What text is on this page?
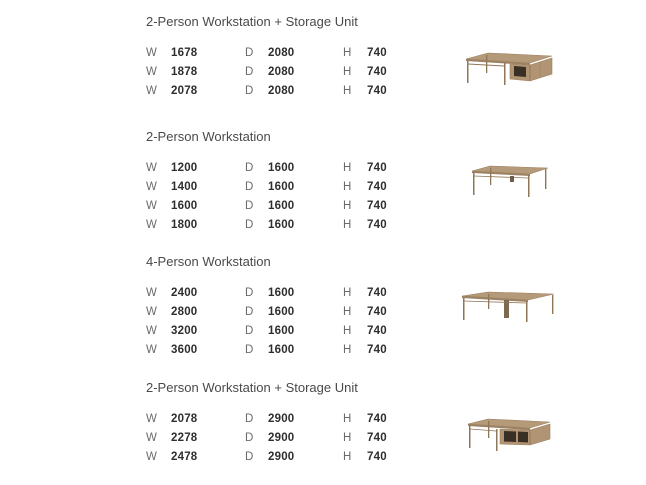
2-Person Workstation + Storage Unit
W 1678	D 2080	H 740
W 1878	D 2080	H 740
W 2078	D 2080	H 740
2-Person Workstation
W 1200	D 1600	H 740
W 1400	D 1600	H 740
W 1600	D 1600	H 740
W 1800	D 1600	H 740
4-Person Workstation
W 2400	D 1600	H 740
W 2800	D 1600	H 740
W 3200	D 1600	H 740
W 3600	D 1600	H 740
2-Person Workstation + Storage Unit
W 2078	D 2900	H 740
W 2278	D 2900	H 740
W 2478	D 2900	H 740
